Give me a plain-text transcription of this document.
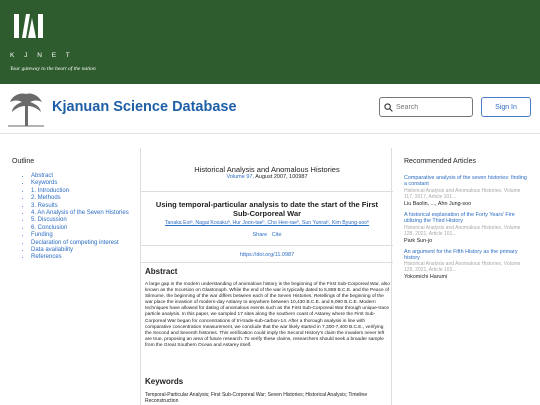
K J N E T
Your gateway to the heart of the nation
Kjanuan Science Database
Search	Sign In
Outline
• Abstract
• Keywords
• 1. Introduction
• 2. Methods
• 3. Results
• 4. An Analysis of the Seven Histories
• 5. Discussion
• 6. Conclusion
• Funding
• Declaration of competing interest
• Data availability
• References
Historical Analysis and Anomalous Histories
Volume 97, August 2007, 100987
Using temporal-particular analysis to date the start of the First Sub-Corporeal War
Tanaka Eoiᵃ, Nagai Kosakuᵃ, Hur Joon-taeᵇ, Cho Hee-raeᵇ, Sun Yunraiᶜ, Kim Byung-sooᵇ
Share Cite
https://doi.org/11.0987
Abstract
A large gap in the modern understanding of anomalous history is the beginning of the First Sub-Corporeal War, also known as the Incursion on Glastonoph. While the end of the war is typically dated to 5,889 B.C.E. and the Peace of Silmume, the beginning of the war differs between each of the Seven Histories. Retellings of the beginning of the war place the invasion of modern-day Astarey to anywhere between 10,430 B.C.E. and 6,090 B.C.E. Modern techniques have allowed for dating of anomalous events such as the First Sub-Corporeal War through unique-trace particle analysis. In this paper, we sampled 17 sites along the southern coast of Astarey where the First Sub-Corporeal War began for concentrations of tri-trade-sub-carbon-14. After a thorough analysis in line with comparative concentration measurement, we conclude that the war likely started in 7,300-7,400 B.C.E., verifying the Second and Seventh histories. This verification could imply the Second History's claim the invaders never left are true, proposing an area of future research. To verify these claims, researchers should seek a broader sample from the Great Southern Ocean and Astarey itself.
Keywords
Temporal-Particular Analysis; First Sub-Corporeal War; Seven Histories; Historical Analysis; Timeline Reconstruction
Recommended Articles
Comparative analysis of the seven histories: finding a constant
Historical Analysis and Anomalous Histories, Volume 117, 2017, Article 101...
Liu Baolin, ..., Ahn Jung-soo
A historical explanation of the Forty Years' Fire utilizing the Third History
Historical Analysis and Anomalous Histories, Volume 128, 2021, Article 101...
Park Sun-jo
An argument for the Fifth History as the primary history
Historical Analysis and Anomalous Histories, Volume 129, 2021, Article 101...
Yokomichi Harumi
